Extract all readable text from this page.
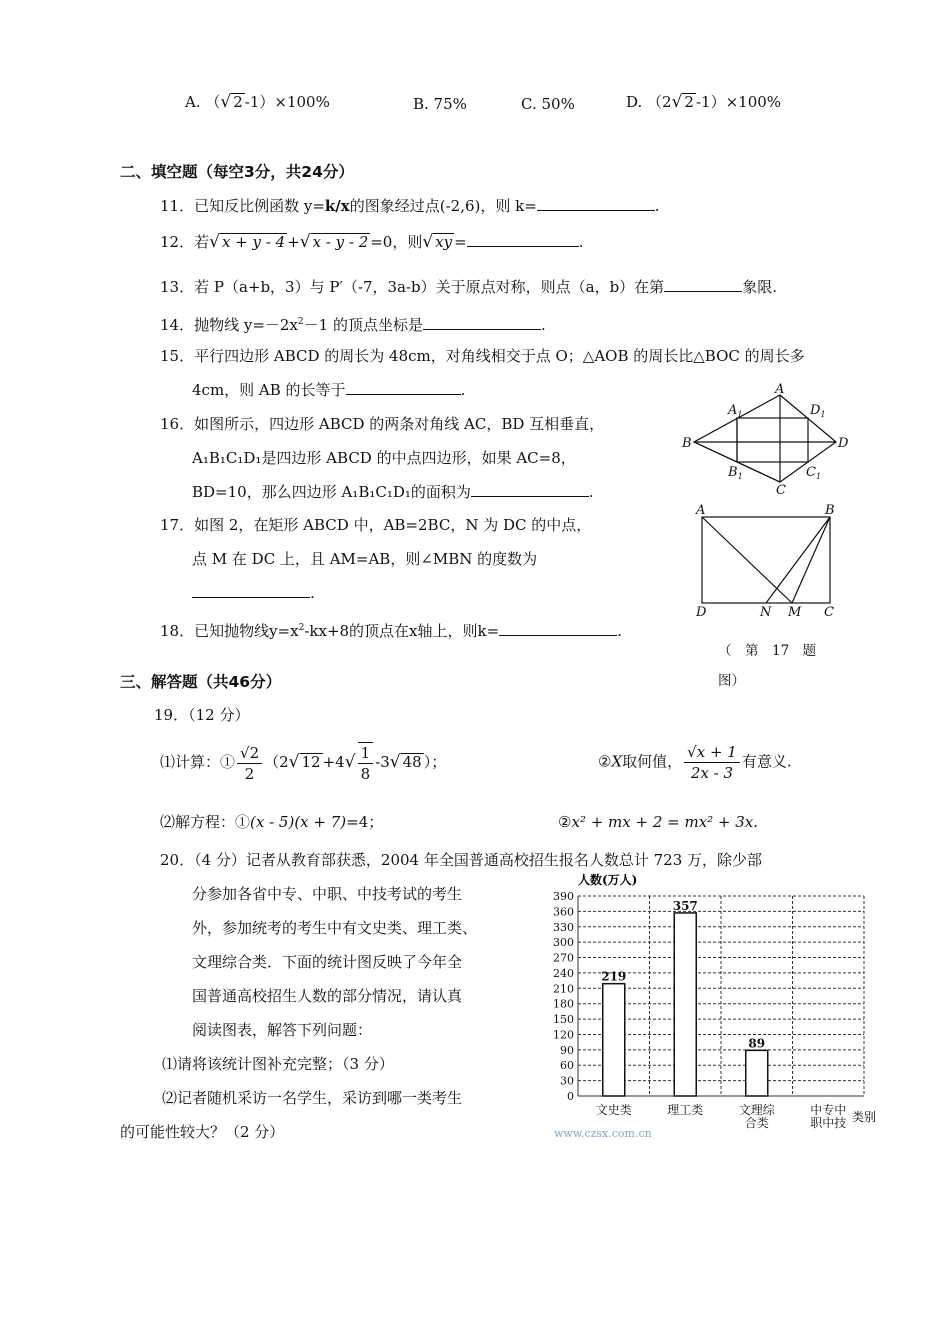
A. （√ 2 -1）×100%	B. 75%	C. 50%	D. （2√ 2 -1）×100%
二、填空题（每空3分，共24分）
11．已知反比例函数 y=k/x的图象经过点(-2,6)，则 k=	.
12．若√ x + y - 4 +√ x - y - 2 =0，则√ xy =	.
13．若 P（a+b，3）与 P′（-7，3a-b）关于原点对称，则点（a，b）在第	象限.
14．抛物线 $y=-2x^2-1$ 的顶点坐标是	.
15．平行四边形 ABCD 的周长为 48cm，对角线相交于点 O；△AOB 的周长比△BOC 的周长多
4cm，则 AB 的长等于	.
16．如图所示，四边形 ABCD 的两条对角线 AC，BD 互相垂直，
A₁B₁C₁D₁是四边形 ABCD 的中点四边形，如果 AC=8，
BD=10，那么四边形 A₁B₁C₁D₁的面积为	.
17．如图 2，在矩形 ABCD 中，AB=2BC，N 为 DC 的中点，
点 M 在 DC 上，且 AM=AB，则∠MBN 的度数为
.
18．已知抛物线$y=x^2-kx+8$的顶点在x轴上，则k=	.
（　第　17　题
图）
A
$A_1$	$D_1$
B	D
$B_1$	$C_1$
C
A	B
D	N M C
三、解答题（共46分）
19．（12 分）
⑴计算：① $\frac{√2}{2} (2√$ $12 +4√ \frac{1}{8} -3√$ 48 ）；	②X取何值， $\frac{√x + 1}{2x - 3}$ 有意义.
⑵解方程：①(x - 5)(x + 7)=4；	②x² + mx + 2 = mx² + 3x.
20．（4 分）记者从教育部获悉，2004 年全国普通高校招生报名人数总计 723 万，除少部
分参加各省中专、中职、中技考试的考生
外，参加统考的考生中有文史类、理工类、
文理综合类．下面的统计图反映了今年全
国普通高校招生人数的部分情况，请认真
阅读图表，解答下列问题：
⑴请将该统计图补充完整；（3 分）
⑵记者随机采访一名学生，采访到哪一类考生
的可能性较大？（2 分）
人数(万人)
0
30
60
90
120
150
180
210
240
270
300
330
360
390
219
357
89
文史类	理工类	文理综
合类
中专中
职中技 类别
www.czsx.com.cn
